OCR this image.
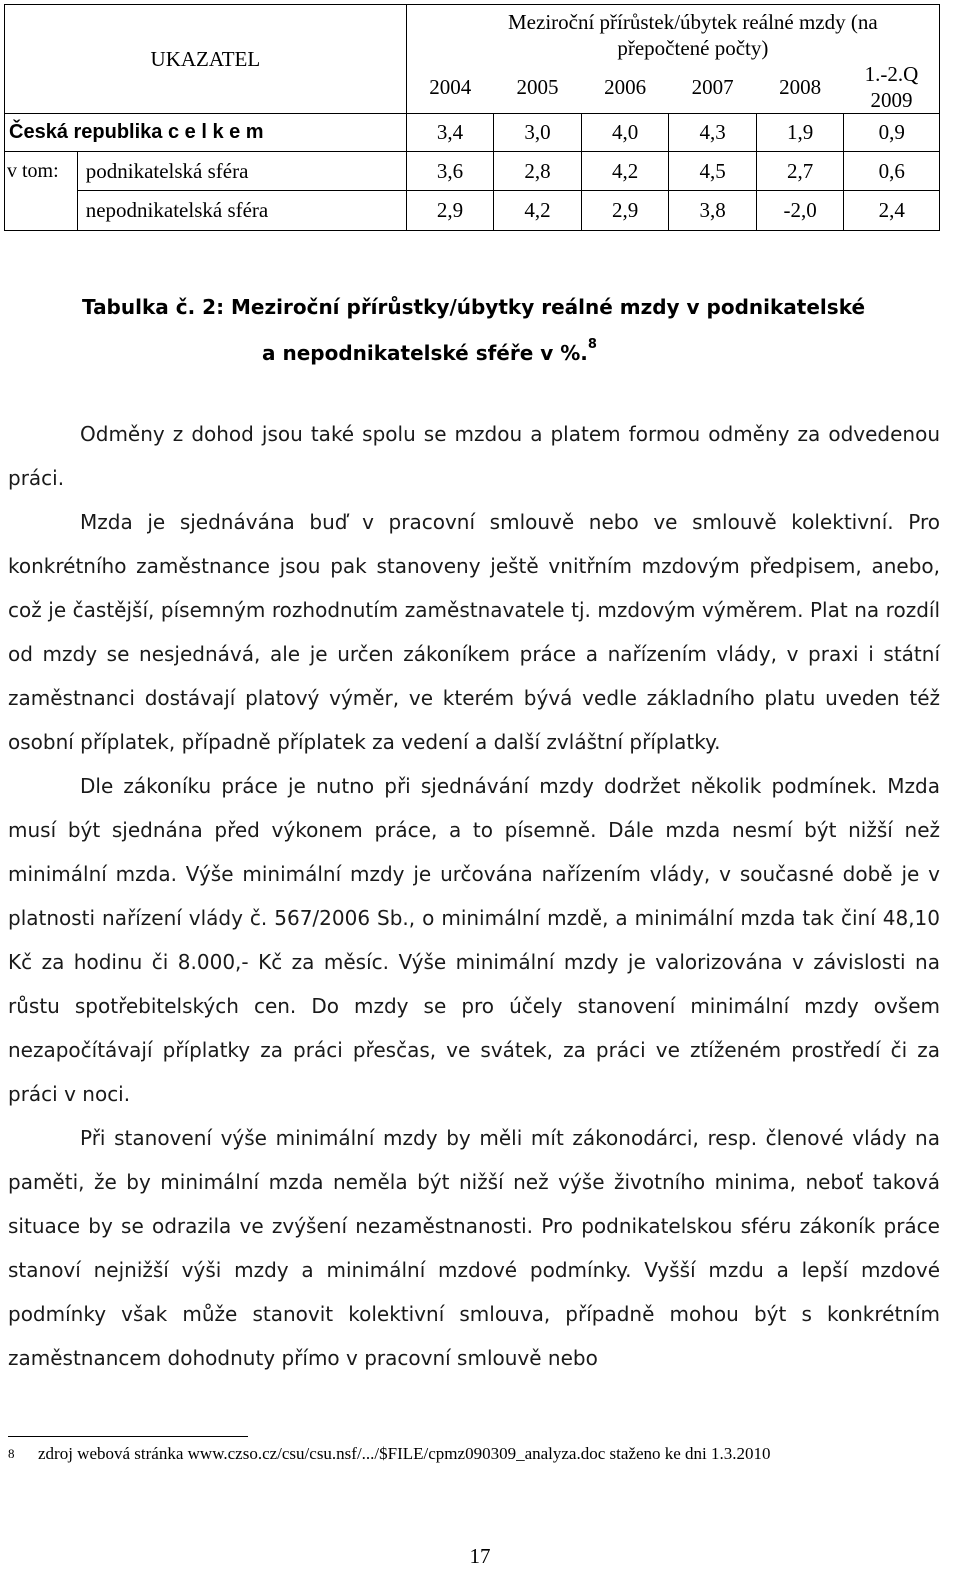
UKAZATEL		Meziroční přírůstek/úbytek reálné mzdy (na přepočtené počty)					
		2004	2005	2006	2007	2008	1.-2.Q 2009
Česká republika c e l k e m		3,4	3,0	4,0	4,3	1,9	0,9
v tom:	podnikatelská sféra	3,6	2,8	4,2	4,5	2,7	0,6
	nepodnikatelská sféra	2,9	4,2	2,9	3,8	-2,0	2,4
Tabulka č. 2: Meziroční přírůstky/úbytky reálné mzdy v podnikatelské
a nepodnikatelské sféře v %.$^8$

Odměny z dohod jsou také spolu se mzdou a platem formou odměny za odvedenou práci.

Mzda je sjednávána buď v pracovní smlouvě nebo ve smlouvě kolektivní. Pro konkrétního zaměstnance jsou pak stanoveny ještě vnitřním mzdovým předpisem, anebo, což je častější, písemným rozhodnutím zaměstnavatele tj. mzdovým výměrem. Plat na rozdíl od mzdy se nesjednává, ale je určen zákoníkem práce a nařízením vlády, v praxi i státní zaměstnanci dostávají platový výměr, ve kterém bývá vedle základního platu uveden též osobní příplatek, případně příplatek za vedení a další zvláštní příplatky.

Dle zákoníku práce je nutno při sjednávání mzdy dodržet několik podmínek. Mzda musí být sjednána před výkonem práce, a to písemně. Dále mzda nesmí být nižší než minimální mzda. Výše minimální mzdy je určována nařízením vlády, v současné době je v platnosti nařízení vlády č. 567/2006 Sb., o minimální mzdě, a minimální mzda tak činí 48,10 Kč za hodinu či 8.000,- Kč za měsíc. Výše minimální mzdy je valorizována v závislosti na růstu spotřebitelských cen. Do mzdy se pro účely stanovení minimální mzdy ovšem nezapočítávají příplatky za práci přesčas, ve svátek, za práci ve ztíženém prostředí či za práci v noci.

Při stanovení výše minimální mzdy by měli mít zákonodárci, resp. členové vlády na paměti, že by minimální mzda neměla být nižší než výše životního minima, neboť taková situace by se odrazila ve zvýšení nezaměstnanosti. Pro podnikatelskou sféru zákoník práce stanoví nejnižší výši mzdy a minimální mzdové podmínky. Vyšší mzdu a lepší mzdové podmínky však může stanovit kolektivní smlouva, případně mohou být s konkrétním zaměstnancem dohodnuty přímo v pracovní smlouvě nebo

8 zdroj webová stránka www.czso.cz/csu/csu.nsf/.../$FILE/cpmz090309_analyza.doc staženo ke dni 1.3.2010
17
